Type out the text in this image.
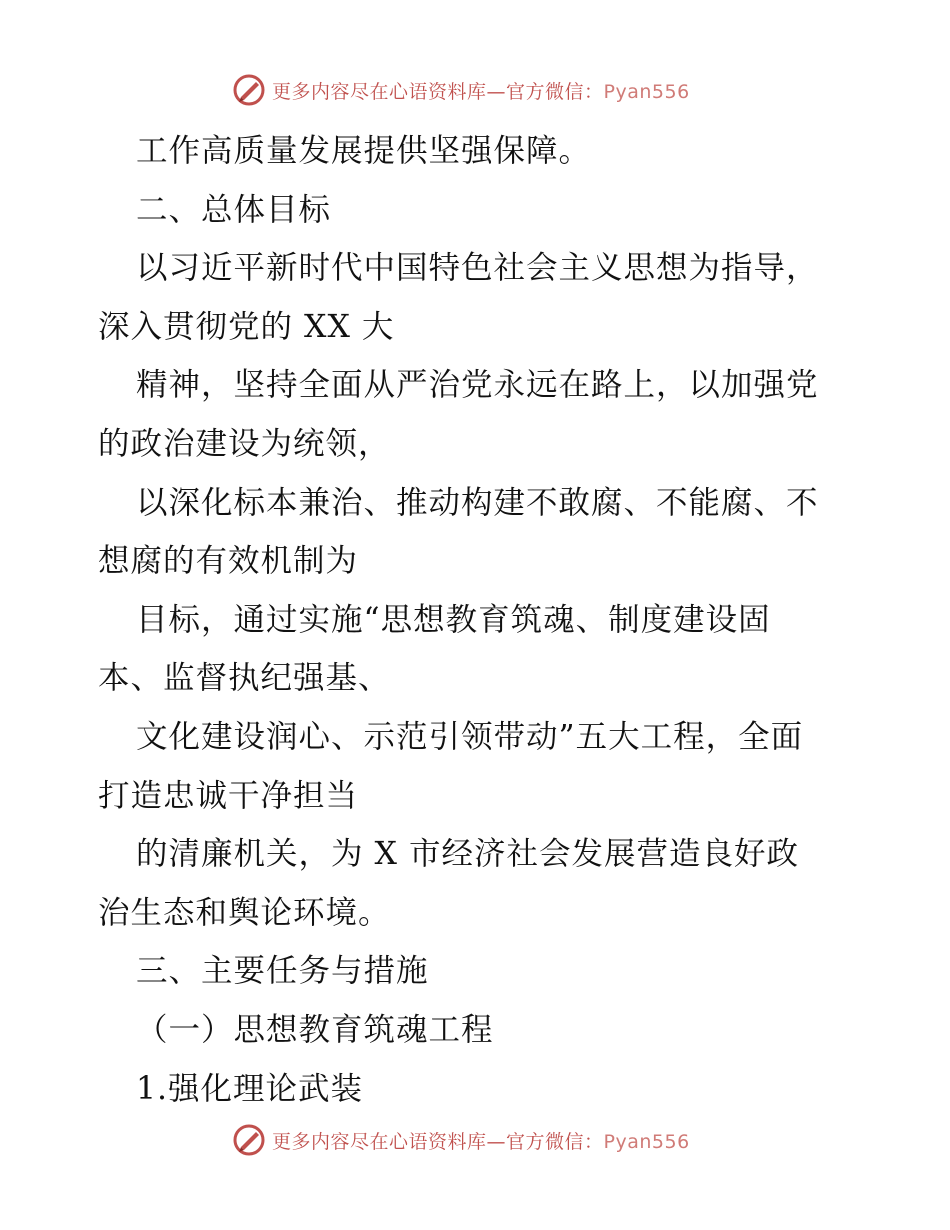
更多内容尽在心语资料库—官方微信：Pyan556
工作高质量发展提供坚强保障。
二、总体目标
以习近平新时代中国特色社会主义思想为指导，
深入贯彻党的 XX 大
精神，坚持全面从严治党永远在路上，以加强党
的政治建设为统领，
以深化标本兼治、推动构建不敢腐、不能腐、不
想腐的有效机制为
目标，通过实施“思想教育筑魂、制度建设固
本、监督执纪强基、
文化建设润心、示范引领带动”五大工程，全面
打造忠诚干净担当
的清廉机关，为 X 市经济社会发展营造良好政
治生态和舆论环境。
三、主要任务与措施
（一）思想教育筑魂工程
1.强化理论武装
更多内容尽在心语资料库—官方微信：Pyan556
